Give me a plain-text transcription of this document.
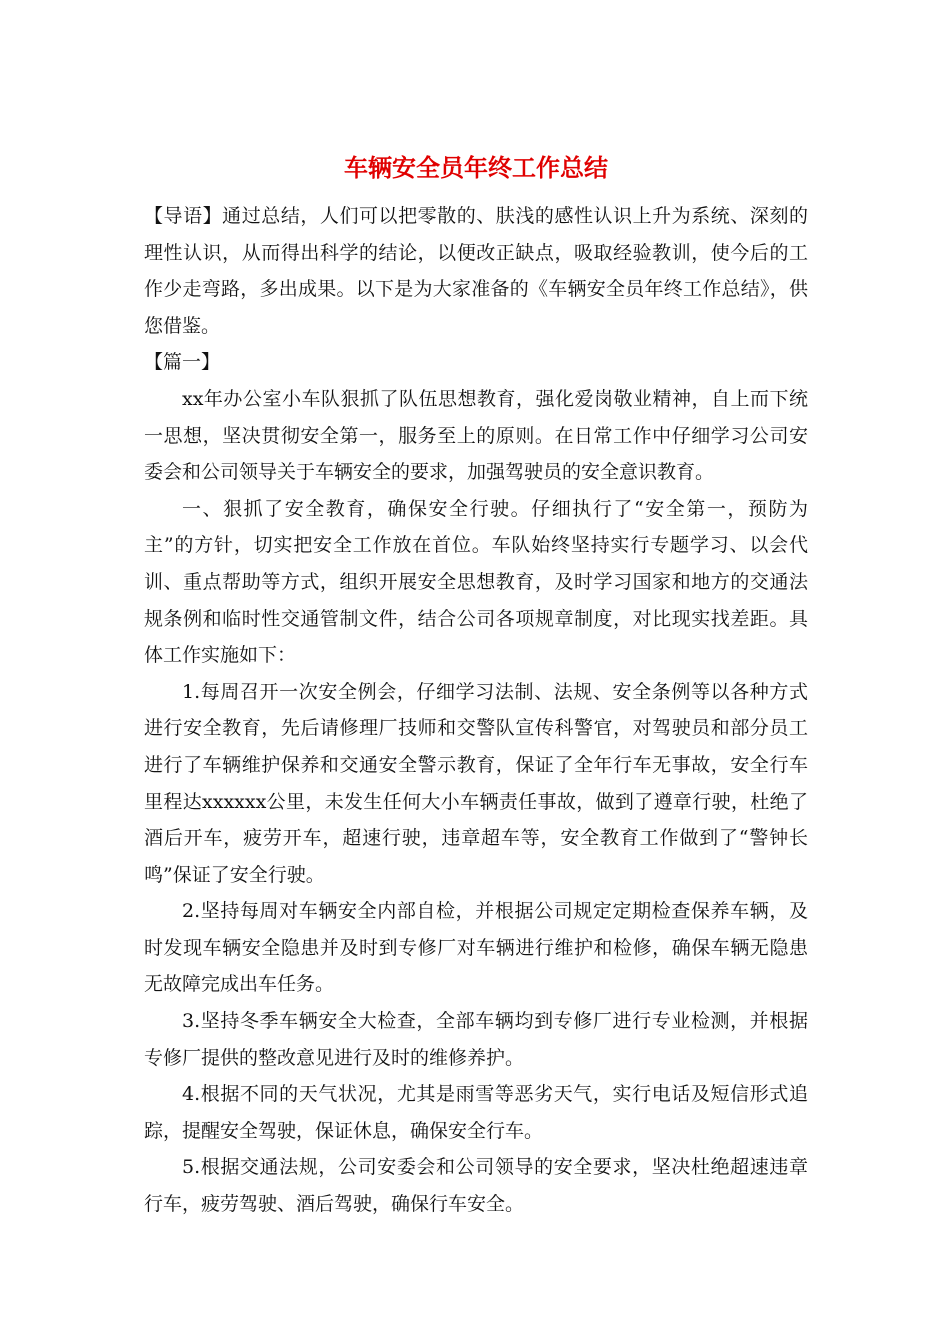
车辆安全员年终工作总结

【导语】通过总结，人们可以把零散的、肤浅的感性认识上升为系统、深刻的理性认识，从而得出科学的结论，以便改正缺点，吸取经验教训，使今后的工作少走弯路，多出成果。以下是为大家准备的《车辆安全员年终工作总结》，供您借鉴。

【篇一】

xx年办公室小车队狠抓了队伍思想教育，强化爱岗敬业精神，自上而下统一思想，坚决贯彻安全第一，服务至上的原则。在日常工作中仔细学习公司安委会和公司领导关于车辆安全的要求，加强驾驶员的安全意识教育。

一、狠抓了安全教育，确保安全行驶。仔细执行了“安全第一，预防为主”的方针，切实把安全工作放在首位。车队始终坚持实行专题学习、以会代训、重点帮助等方式，组织开展安全思想教育，及时学习国家和地方的交通法规条例和临时性交通管制文件，结合公司各项规章制度，对比现实找差距。具体工作实施如下：

1.每周召开一次安全例会，仔细学习法制、法规、安全条例等以各种方式进行安全教育，先后请修理厂技师和交警队宣传科警官，对驾驶员和部分员工进行了车辆维护保养和交通安全警示教育，保证了全年行车无事故，安全行车里程达xxxxxx公里，未发生任何大小车辆责任事故，做到了遵章行驶，杜绝了酒后开车，疲劳开车，超速行驶，违章超车等，安全教育工作做到了“警钟长鸣”保证了安全行驶。

2.坚持每周对车辆安全内部自检，并根据公司规定定期检查保养车辆，及时发现车辆安全隐患并及时到专修厂对车辆进行维护和检修，确保车辆无隐患无故障完成出车任务。

3.坚持冬季车辆安全大检查，全部车辆均到专修厂进行专业检测，并根据专修厂提供的整改意见进行及时的维修养护。

4.根据不同的天气状况，尤其是雨雪等恶劣天气，实行电话及短信形式追踪，提醒安全驾驶，保证休息，确保安全行车。

5.根据交通法规，公司安委会和公司领导的安全要求，坚决杜绝超速违章行车，疲劳驾驶、酒后驾驶，确保行车安全。
